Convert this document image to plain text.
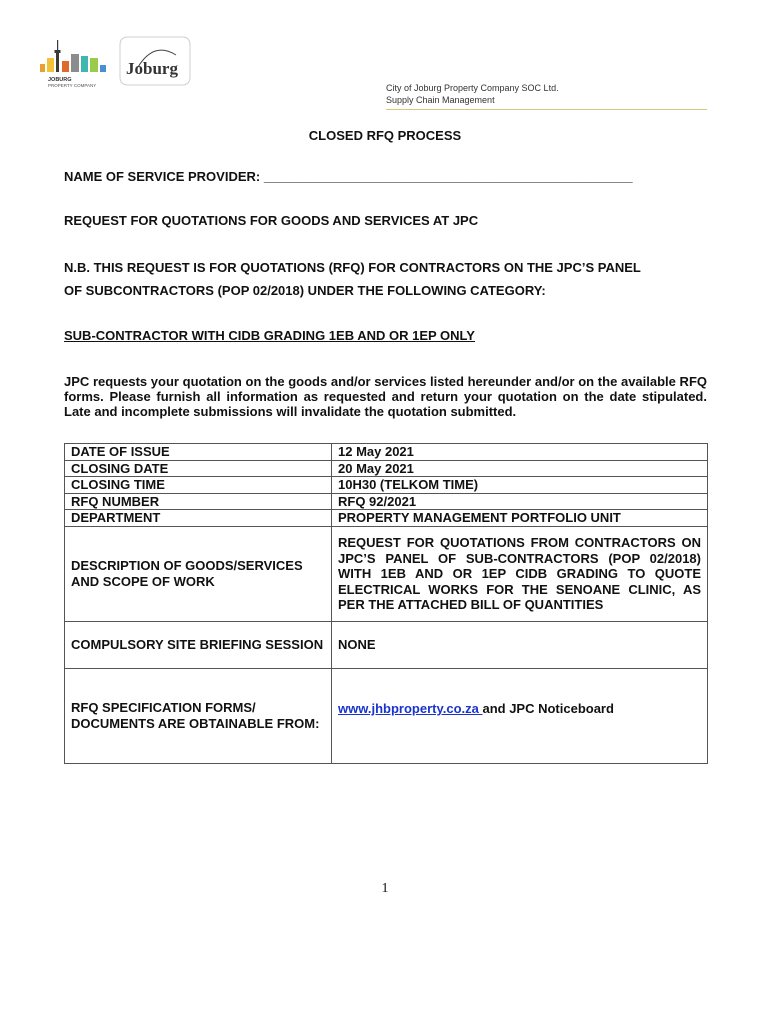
JOBURG
PROPERTY COMPANY
Joburg
City of Joburg Property Company SOC Ltd.
Supply Chain Management
CLOSED RFQ PROCESS
NAME OF SERVICE PROVIDER: ___________________________________________________
REQUEST FOR QUOTATIONS FOR GOODS AND SERVICES AT JPC
N.B. THIS REQUEST IS FOR QUOTATIONS (RFQ) FOR CONTRACTORS ON THE JPC’S PANEL
OF SUBCONTRACTORS (POP 02/2018) UNDER THE FOLLOWING CATEGORY:
SUB-CONTRACTOR WITH CIDB GRADING 1EB AND OR 1EP ONLY
JPC requests your quotation on the goods and/or services listed hereunder and/or on the available RFQ forms. Please furnish all information as requested and return your quotation on the date stipulated. Late and incomplete submissions will invalidate the quotation submitted.
DATE OF ISSUE	12 May 2021
CLOSING DATE	20 May 2021
CLOSING TIME	10H30 (TELKOM TIME)
RFQ NUMBER	RFQ 92/2021
DEPARTMENT	PROPERTY MANAGEMENT PORTFOLIO UNIT
DESCRIPTION OF GOODS/SERVICES AND SCOPE OF WORK	REQUEST FOR QUOTATIONS FROM CONTRACTORS ON JPC’S PANEL OF SUB-CONTRACTORS (POP 02/2018) WITH 1EB AND OR 1EP CIDB GRADING TO QUOTE ELECTRICAL WORKS FOR THE SENOANE CLINIC, AS PER THE ATTACHED BILL OF QUANTITIES
COMPULSORY SITE BRIEFING SESSION	NONE
RFQ SPECIFICATION FORMS/ DOCUMENTS ARE OBTAINABLE FROM:	www.jhbproperty.co.za and JPC Noticeboard
1
